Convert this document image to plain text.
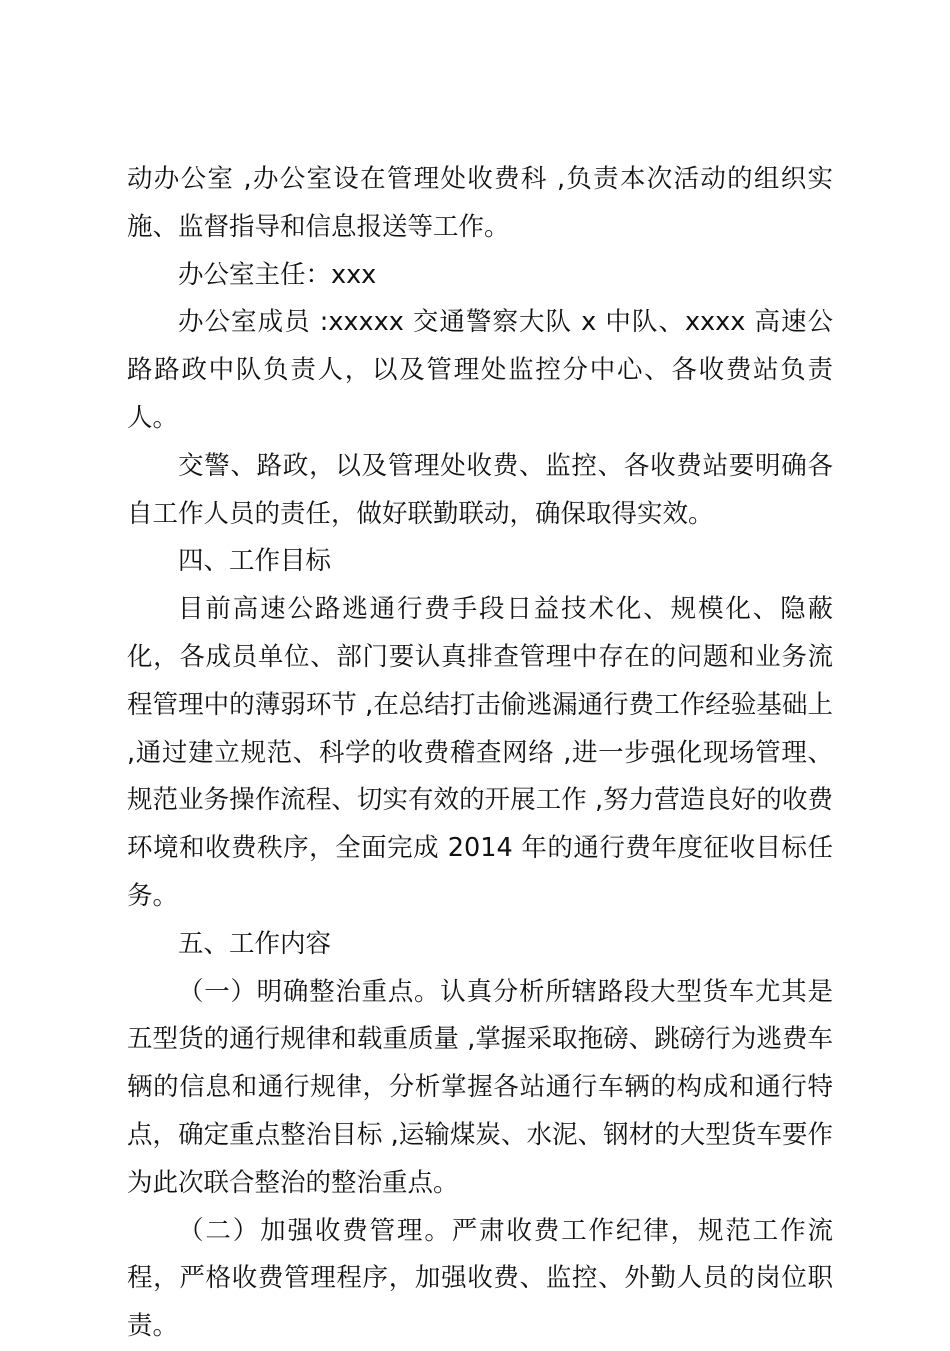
动办公室 ,办公室设在管理处收费科 ,负责本次活动的组织实施、监督指导和信息报送等工作。

办公室主任：xxx

办公室成员 :xxxxx 交通警察大队 x 中队、xxxx 高速公路路政中队负责人，以及管理处监控分中心、各收费站负责人。

交警、路政，以及管理处收费、监控、各收费站要明确各自工作人员的责任，做好联勤联动，确保取得实效。

四、工作目标

目前高速公路逃通行费手段日益技术化、规模化、隐蔽化，各成员单位、部门要认真排查管理中存在的问题和业务流程管理中的薄弱环节 ,在总结打击偷逃漏通行费工作经验基础上 ,通过建立规范、科学的收费稽查网络 ,进一步强化现场管理、规范业务操作流程、切实有效的开展工作 ,努力营造良好的收费环境和收费秩序，全面完成 2014 年的通行费年度征收目标任务。

五、工作内容

（一）明确整治重点。认真分析所辖路段大型货车尤其是五型货的通行规律和载重质量 ,掌握采取拖磅、跳磅行为逃费车辆的信息和通行规律，分析掌握各站通行车辆的构成和通行特点，确定重点整治目标 ,运输煤炭、水泥、钢材的大型货车要作为此次联合整治的整治重点。

（二）加强收费管理。严肃收费工作纪律，规范工作流程，严格收费管理程序，加强收费、监控、外勤人员的岗位职责。
